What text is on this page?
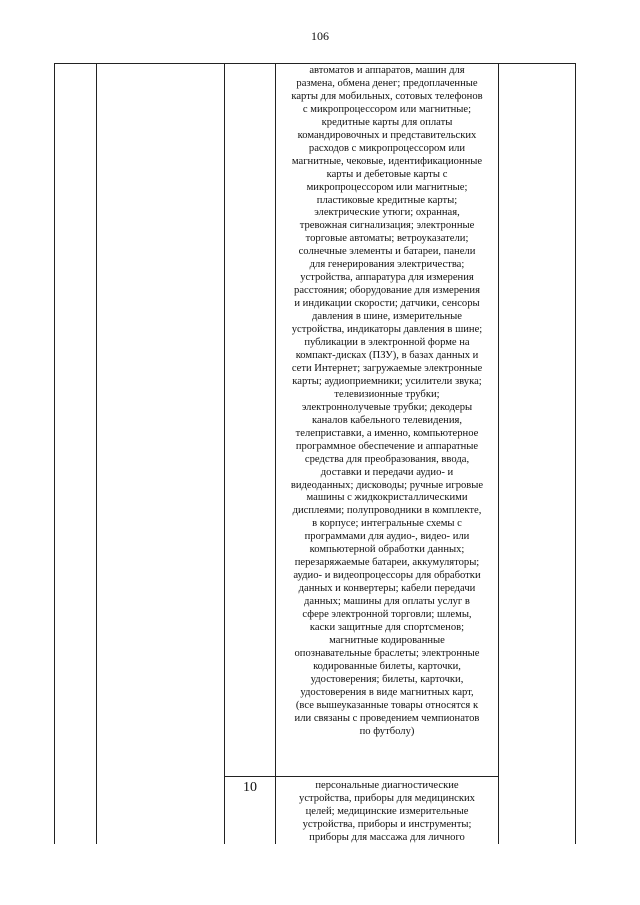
106
автоматов и аппаратов, машин для
размена, обмена денег; предоплаченные
карты для мобильных, сотовых телефонов
с микропроцессором или магнитные;
кредитные карты для оплаты
командировочных и представительских
расходов с микропроцессором или
магнитные, чековые, идентификационные
карты и дебетовые карты с
микропроцессором или магнитные;
пластиковые кредитные карты;
электрические утюги; охранная,
тревожная сигнализация; электронные
торговые автоматы; ветроуказатели;
солнечные элементы и батареи, панели
для генерирования электричества;
устройства, аппаратура для измерения
расстояния; оборудование для измерения
и индикации скорости; датчики, сенсоры
давления в шине, измерительные
устройства, индикаторы давления в шине;
публикации в электронной форме на
компакт-дисках (ПЗУ), в базах данных и
сети Интернет; загружаемые электронные
карты; аудиоприемники; усилители звука;
телевизионные трубки;
электроннолучевые трубки; декодеры
каналов кабельного телевидения,
телеприставки, а именно, компьютерное
программное обеспечение и аппаратные
средства для преобразования, ввода,
доставки и передачи аудио- и
видеоданных; дисководы; ручные игровые
машины с жидкокристаллическими
дисплеями; полупроводники в комплекте,
в корпусе; интегральные схемы с
программами для аудио-, видео- или
компьютерной обработки данных;
перезаряжаемые батареи, аккумуляторы;
аудио- и видеопроцессоры для обработки
данных и конвертеры; кабели передачи
данных; машины для оплаты услуг в
сфере электронной торговли; шлемы,
каски защитные для спортсменов;
магнитные кодированные
опознавательные браслеты; электронные
кодированные билеты, карточки,
удостоверения; билеты, карточки,
удостоверения в виде магнитных карт,
(все вышеуказанные товары относятся к
или связаны с проведением чемпионатов
по футболу)
10	персональные диагностические
устройства, приборы для медицинских
целей; медицинские измерительные
устройства, приборы и инструменты;
приборы для массажа для личного
